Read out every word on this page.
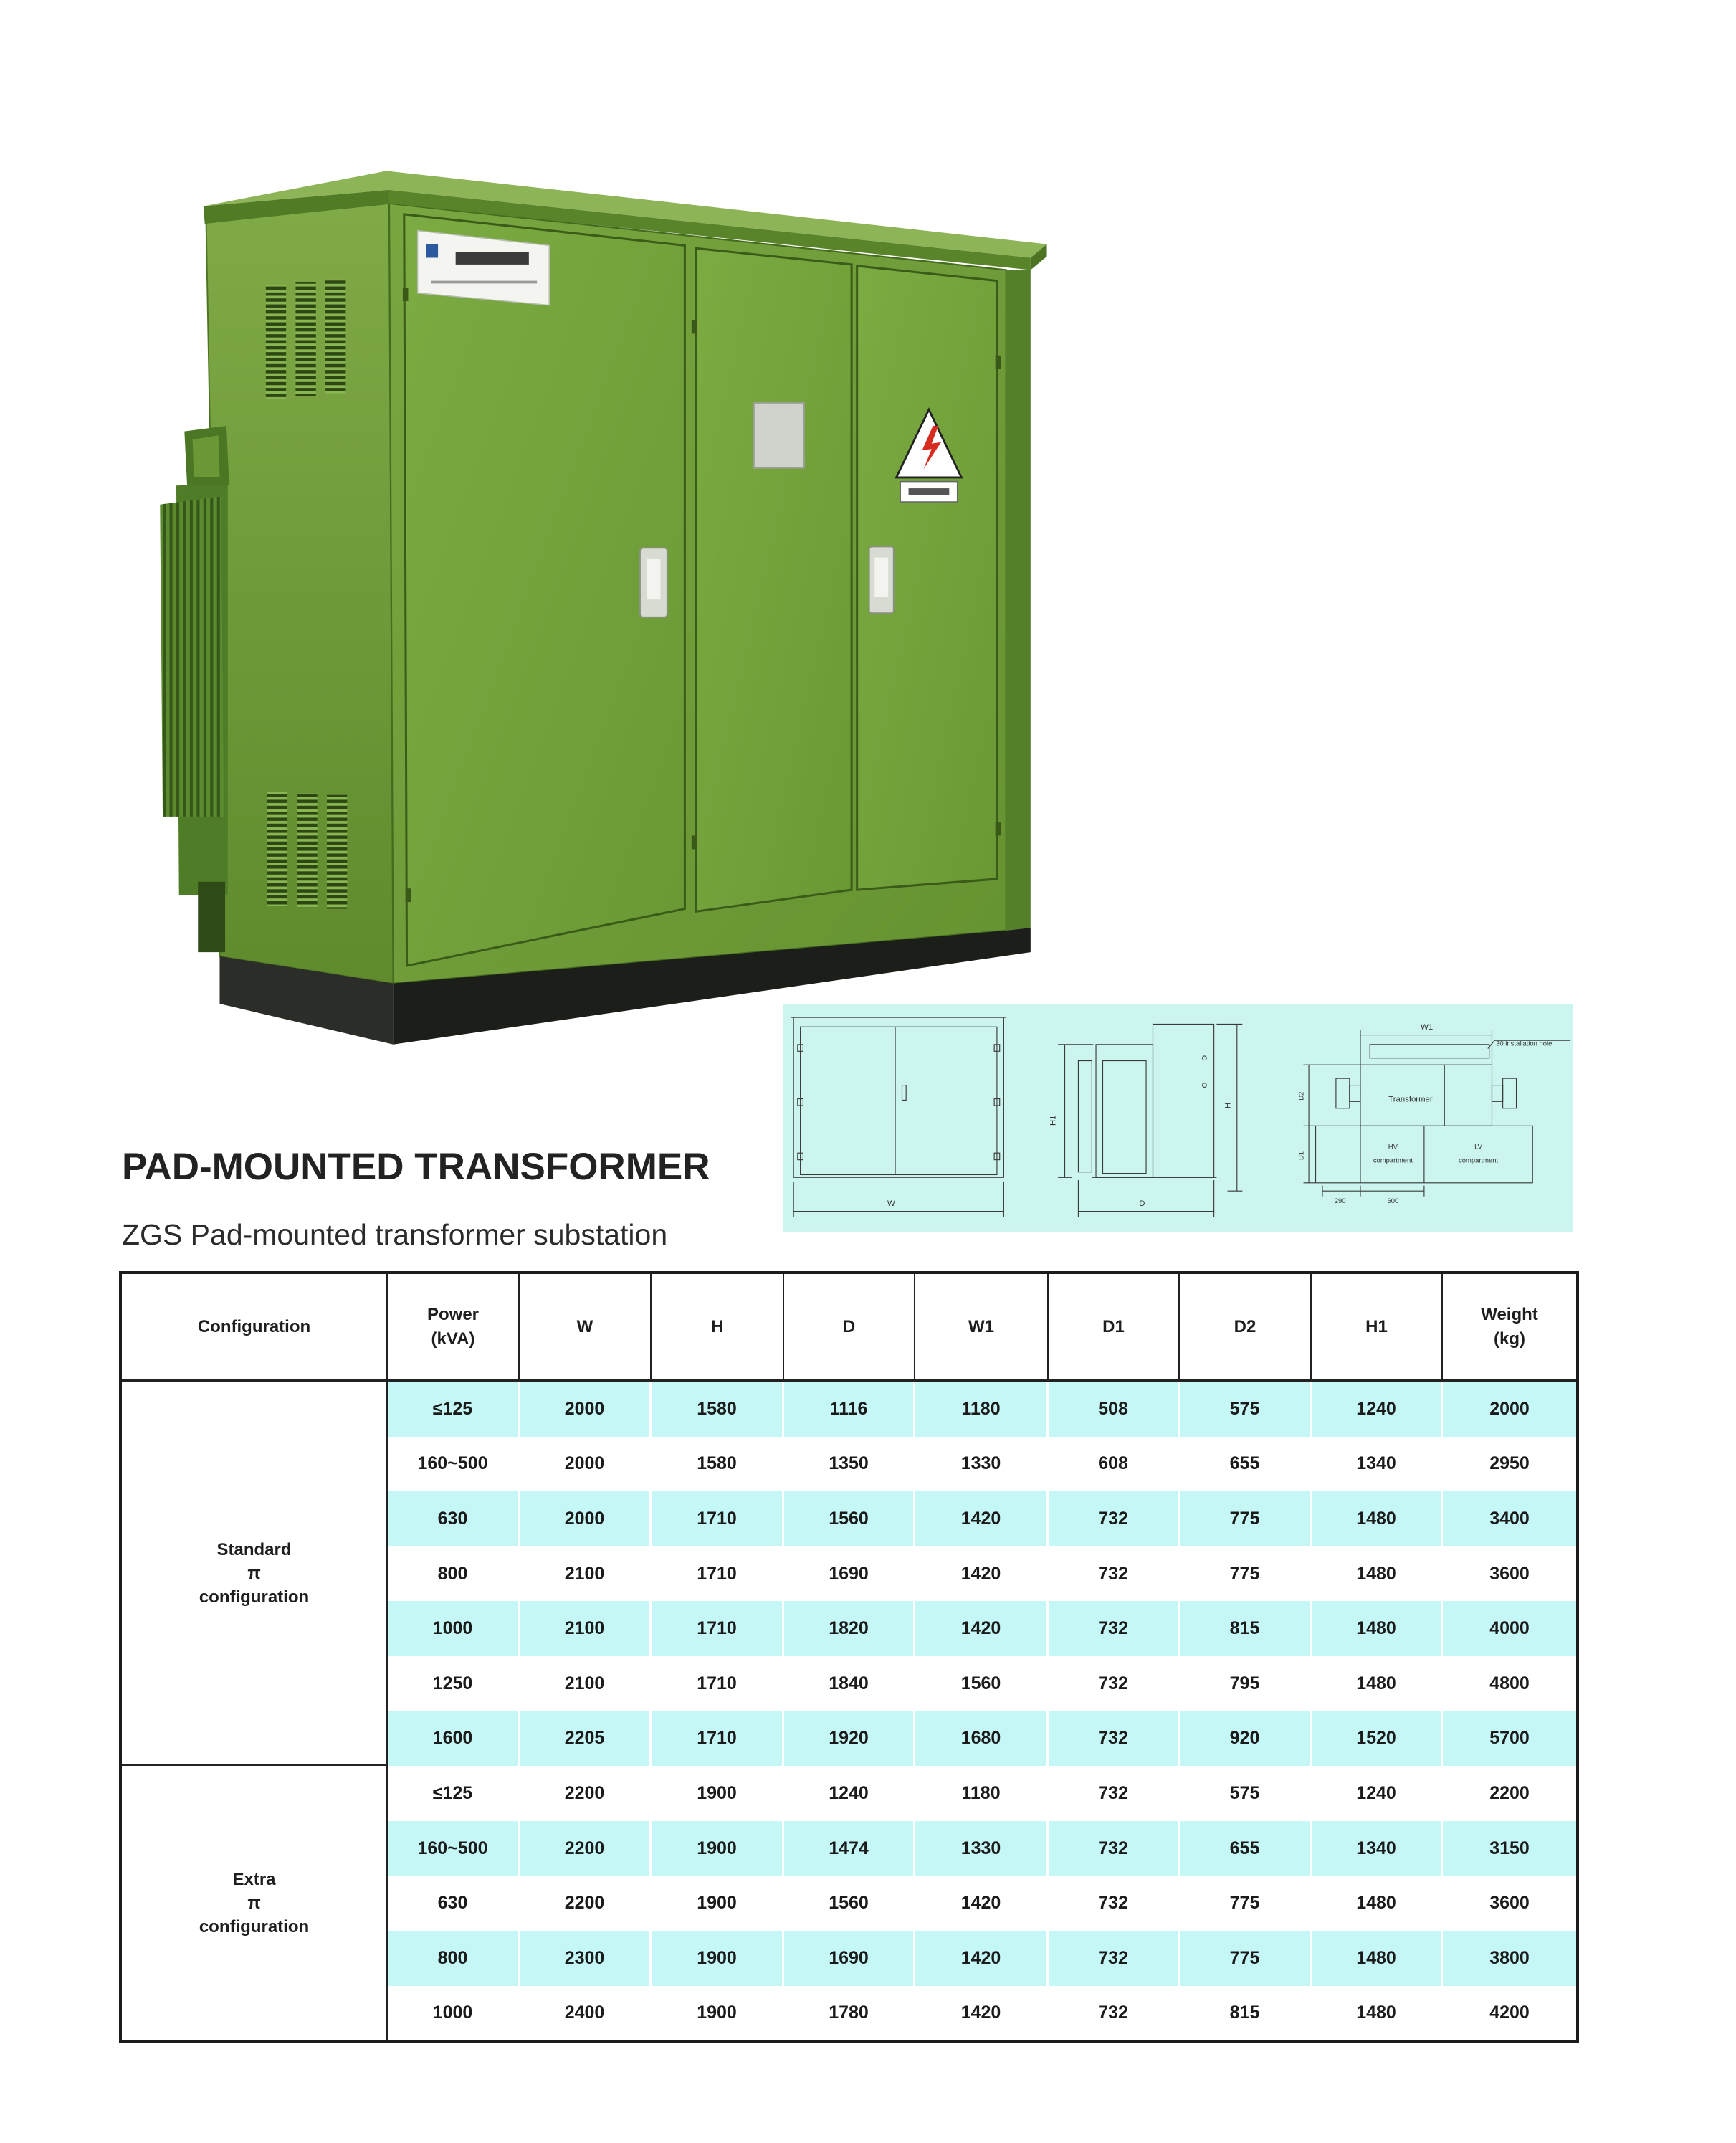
W
H1
H
D
W1
30 installation hole
Transformer
HV
compartment
LV
compartment
D2
D1
290	600
PAD-MOUNTED TRANSFORMER

ZGS Pad-mounted transformer substation

Configuration	Power
(kVA)	W	H	D	W1	D1	D2	H1	Weight
(kg)

Standard
π
configuration	≤125	2000	1580	1116	1180	508	575	1240	2000
	160~500	2000	1580	1350	1330	608	655	1340	2950
	630	2000	1710	1560	1420	732	775	1480	3400
	800	2100	1710	1690	1420	732	775	1480	3600
	1000	2100	1710	1820	1420	732	815	1480	4000
	1250	2100	1710	1840	1560	732	795	1480	4800
	1600	2205	1710	1920	1680	732	920	1520	5700

Extra
π
configuration	≤125	2200	1900	1240	1180	732	575	1240	2200
	160~500	2200	1900	1474	1330	732	655	1340	3150
	630	2200	1900	1560	1420	732	775	1480	3600
	800	2300	1900	1690	1420	732	775	1480	3800
	1000	2400	1900	1780	1420	732	815	1480	4200
